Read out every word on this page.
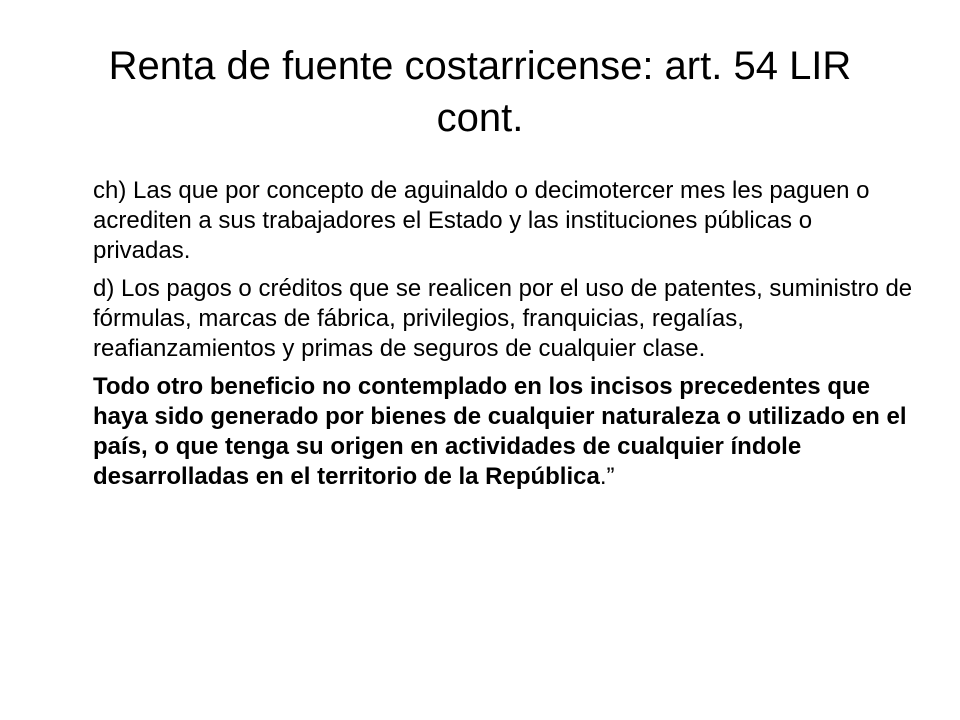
Renta de fuente costarricense: art. 54 LIR cont.

ch) Las que por concepto de aguinaldo o decimotercer mes les paguen o acrediten a sus trabajadores el Estado y las instituciones públicas o privadas.

d) Los pagos o créditos que se realicen por el uso de patentes, suministro de fórmulas, marcas de fábrica, privilegios, franquicias, regalías, reafianzamientos y primas de seguros de cualquier clase.

Todo otro beneficio no contemplado en los incisos precedentes que haya sido generado por bienes de cualquier naturaleza o utilizado en el país, o que tenga su origen en actividades de cualquier índole desarrolladas en el territorio de la República.”
